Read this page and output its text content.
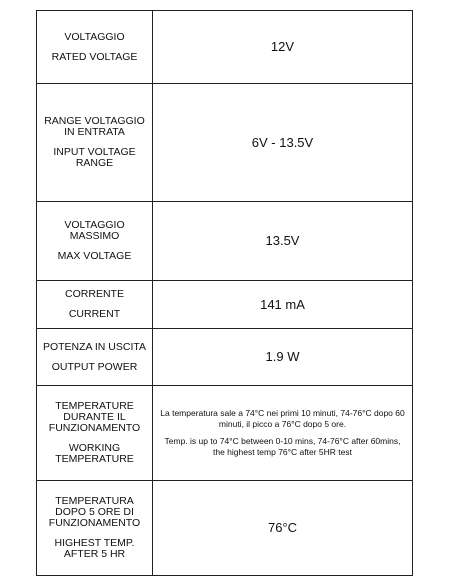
VOLTAGGIO
RATED VOLTAGE	12V

RANGE VOLTAGGIO IN ENTRATA
INPUT VOLTAGE RANGE	6V - 13.5V

VOLTAGGIO MASSIMO
MAX VOLTAGE	13.5V

CORRENTE
CURRENT	141 mA

POTENZA IN USCITA
OUTPUT POWER	1.9 W

TEMPERATURE DURANTE IL FUNZIONAMENTO
WORKING TEMPERATURE	La temperatura sale a 74°C nei primi 10 minuti, 74-76°C dopo 60 minuti, il picco a 76°C dopo 5 ore.
Temp. is up to 74°C between 0-10 mins, 74-76°C after 60mins, the highest temp 76°C after 5HR test

TEMPERATURA DOPO 5 ORE DI FUNZIONAMENTO
HIGHEST TEMP. AFTER 5 HR	76°C
